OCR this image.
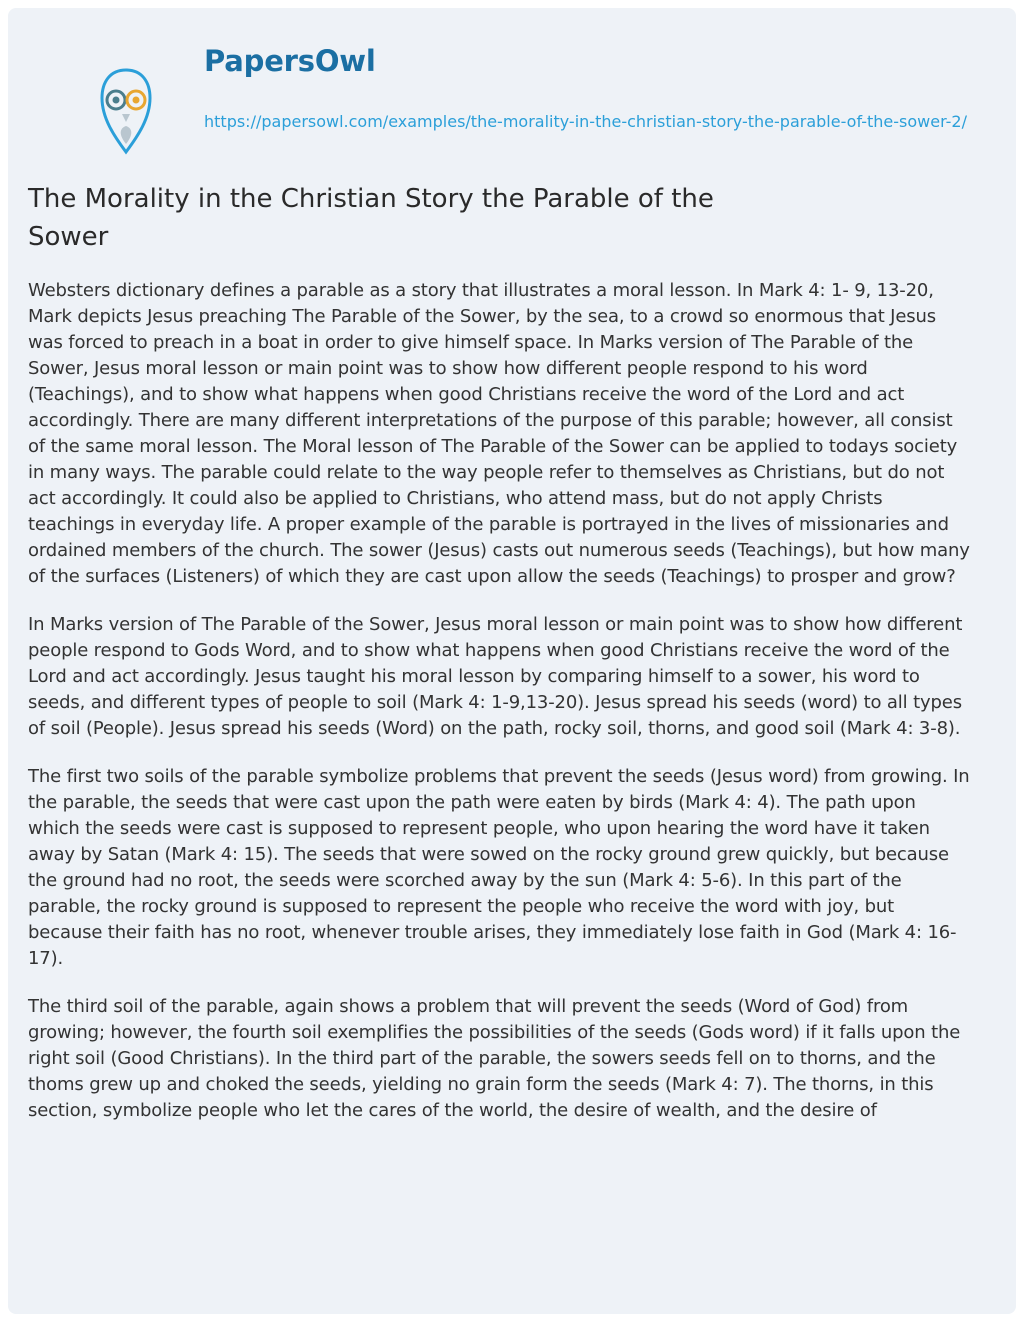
PapersOwl
https://papersowl.com/examples/the-morality-in-the-christian-story-the-parable-of-the-sower-2/
The Morality in the Christian Story the Parable of the Sower

Websters dictionary defines a parable as a story that illustrates a moral lesson. In Mark 4: 1- 9, 13-20, Mark depicts Jesus preaching The Parable of the Sower, by the sea, to a crowd so enormous that Jesus was forced to preach in a boat in order to give himself space. In Marks version of The Parable of the Sower, Jesus moral lesson or main point was to show how different people respond to his word (Teachings), and to show what happens when good Christians receive the word of the Lord and act accordingly. There are many different interpretations of the purpose of this parable; however, all consist of the same moral lesson. The Moral lesson of The Parable of the Sower can be applied to todays society in many ways. The parable could relate to the way people refer to themselves as Christians, but do not act accordingly. It could also be applied to Christians, who attend mass, but do not apply Christs teachings in everyday life. A proper example of the parable is portrayed in the lives of missionaries and ordained members of the church. The sower (Jesus) casts out numerous seeds (Teachings), but how many of the surfaces (Listeners) of which they are cast upon allow the seeds (Teachings) to prosper and grow?

In Marks version of The Parable of the Sower, Jesus moral lesson or main point was to show how different people respond to Gods Word, and to show what happens when good Christians receive the word of the Lord and act accordingly. Jesus taught his moral lesson by comparing himself to a sower, his word to seeds, and different types of people to soil (Mark 4: 1-9,13-20). Jesus spread his seeds (word) to all types of soil (People). Jesus spread his seeds (Word) on the path, rocky soil, thorns, and good soil (Mark 4: 3-8).

The first two soils of the parable symbolize problems that prevent the seeds (Jesus word) from growing. In the parable, the seeds that were cast upon the path were eaten by birds (Mark 4: 4). The path upon which the seeds were cast is supposed to represent people, who upon hearing the word have it taken away by Satan (Mark 4: 15). The seeds that were sowed on the rocky ground grew quickly, but because the ground had no root, the seeds were scorched away by the sun (Mark 4: 5-6). In this part of the parable, the rocky ground is supposed to represent the people who receive the word with joy, but because their faith has no root, whenever trouble arises, they immediately lose faith in God (Mark 4: 16-17).

The third soil of the parable, again shows a problem that will prevent the seeds (Word of God) from growing; however, the fourth soil exemplifies the possibilities of the seeds (Gods word) if it falls upon the right soil (Good Christians). In the third part of the parable, the sowers seeds fell on to thorns, and the thoms grew up and choked the seeds, yielding no grain form the seeds (Mark 4: 7). The thorns, in this section, symbolize people who let the cares of the world, the desire of wealth, and the desire of
